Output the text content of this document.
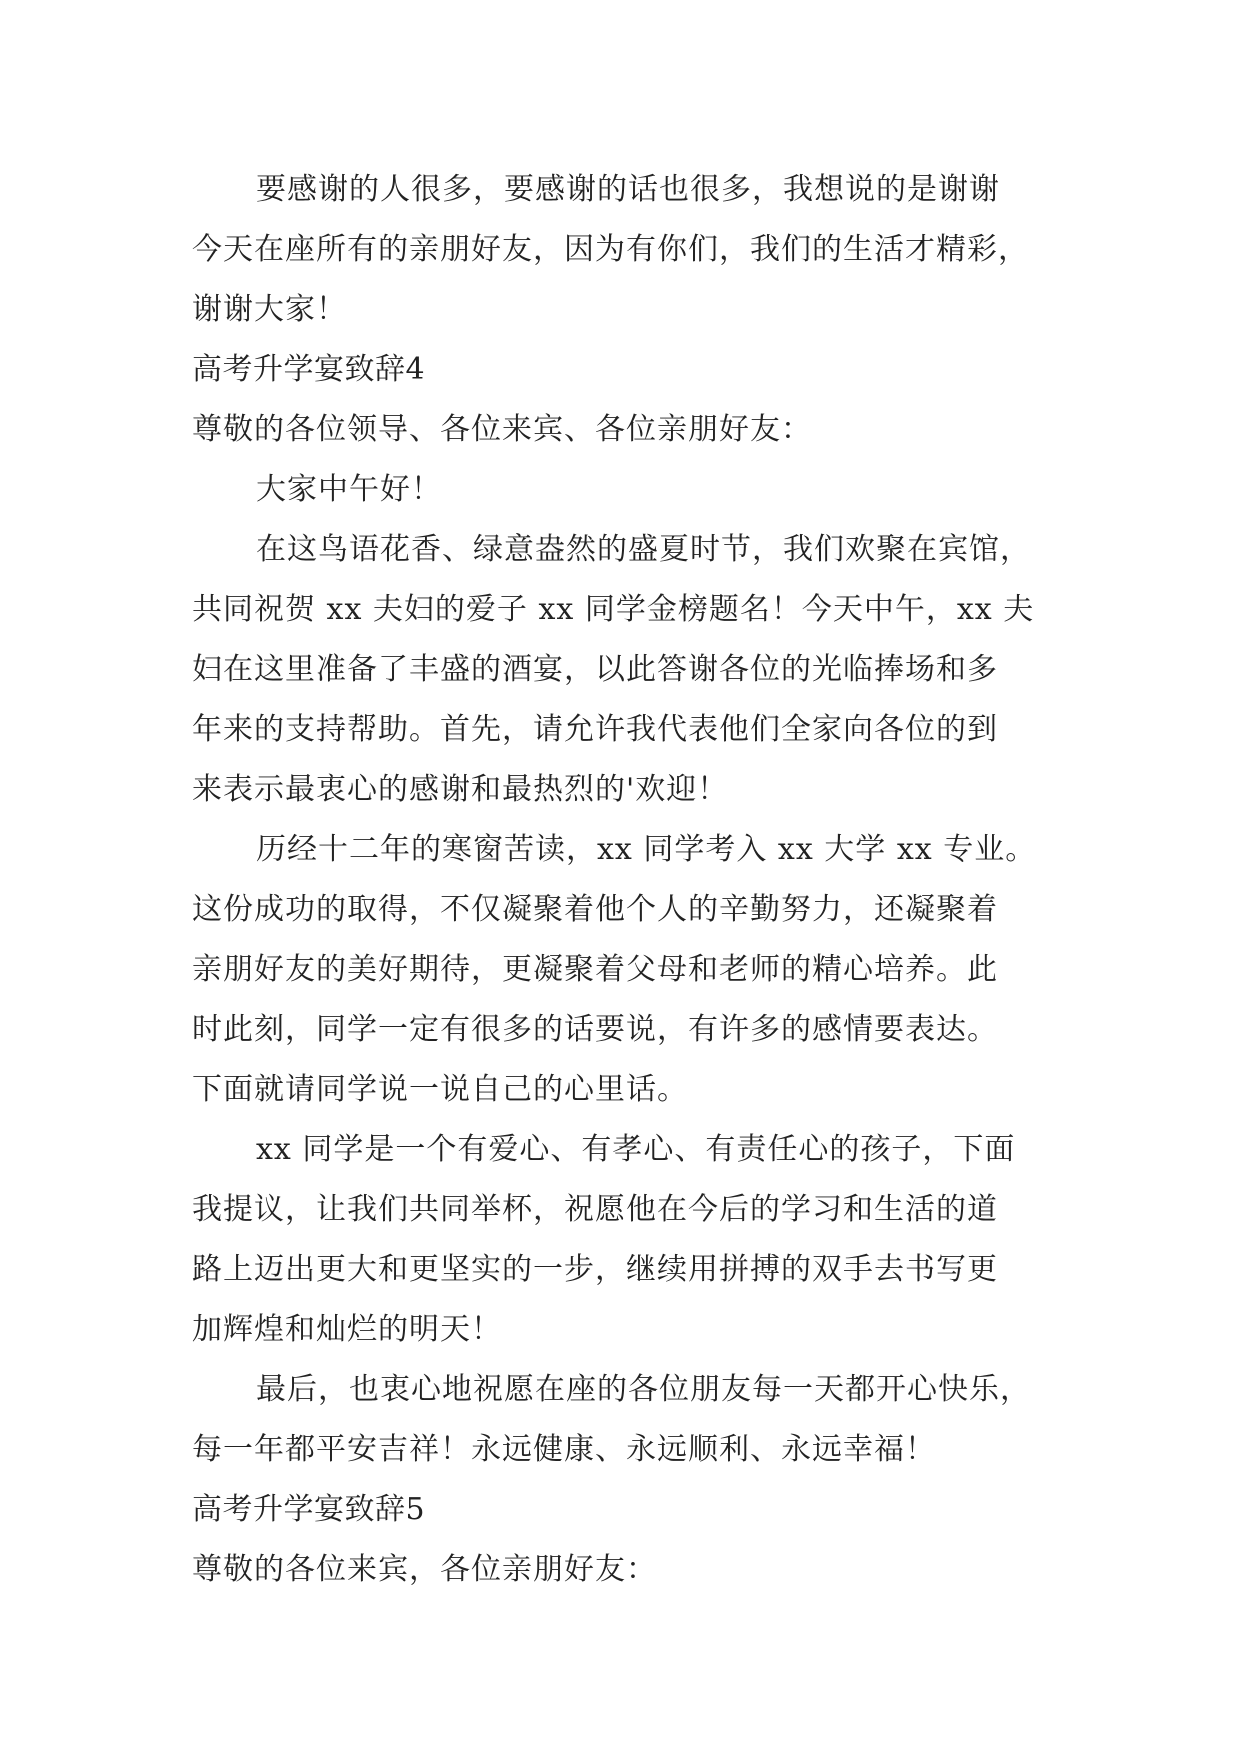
要感谢的人很多，要感谢的话也很多，我想说的是谢谢
今天在座所有的亲朋好友，因为有你们，我们的生活才精彩，
谢谢大家！
高考升学宴致辞4
尊敬的各位领导、各位来宾、各位亲朋好友：
大家中午好！
在这鸟语花香、绿意盎然的盛夏时节，我们欢聚在宾馆，
共同祝贺 xx 夫妇的爱子 xx 同学金榜题名！今天中午，xx 夫
妇在这里准备了丰盛的酒宴，以此答谢各位的光临捧场和多
年来的支持帮助。首先，请允许我代表他们全家向各位的到
来表示最衷心的感谢和最热烈的'欢迎！
历经十二年的寒窗苦读，xx 同学考入 xx 大学 xx 专业。
这份成功的取得，不仅凝聚着他个人的辛勤努力，还凝聚着
亲朋好友的美好期待，更凝聚着父母和老师的精心培养。此
时此刻，同学一定有很多的话要说，有许多的感情要表达。
下面就请同学说一说自己的心里话。
xx 同学是一个有爱心、有孝心、有责任心的孩子，下面
我提议，让我们共同举杯，祝愿他在今后的学习和生活的道
路上迈出更大和更坚实的一步，继续用拼搏的双手去书写更
加辉煌和灿烂的明天！
最后，也衷心地祝愿在座的各位朋友每一天都开心快乐，
每一年都平安吉祥！永远健康、永远顺利、永远幸福！
高考升学宴致辞5
尊敬的各位来宾，各位亲朋好友：
